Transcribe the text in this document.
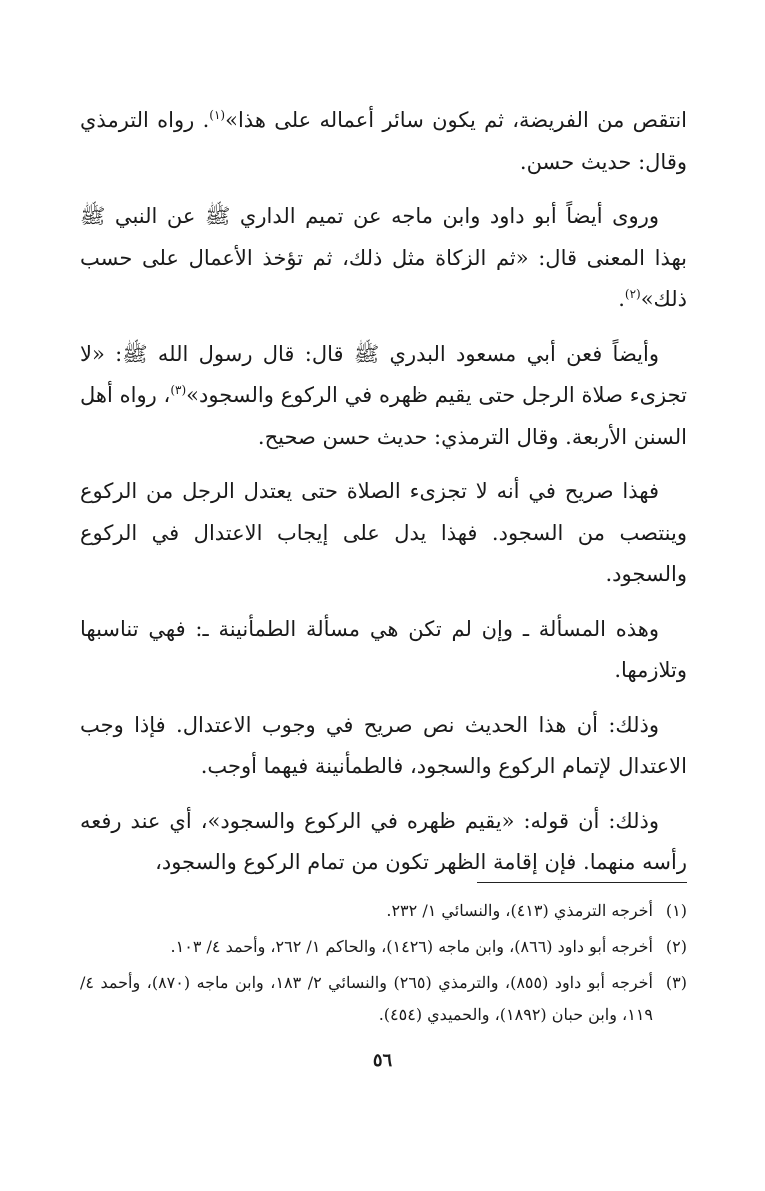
انتقص من الفريضة، ثم يكون سائر أعماله على هذا»$^{(١)}$. رواه الترمذي وقال: حديث حسن.

وروى أيضاً أبو داود وابن ماجه عن تميم الداري ﷺ عن النبي ﷺ بهذا المعنى قال: «ثم الزكاة مثل ذلك، ثم تؤخذ الأعمال على حسب ذلك»$^{(٢)}$.

وأيضاً فعن أبي مسعود البدري ﷺ قال: قال رسول الله ﷺ: «لا تجزىء صلاة الرجل حتى يقيم ظهره في الركوع والسجود»$^{(٣)}$، رواه أهل السنن الأربعة. وقال الترمذي: حديث حسن صحيح.

فهذا صريح في أنه لا تجزىء الصلاة حتى يعتدل الرجل من الركوع وينتصب من السجود. فهذا يدل على إيجاب الاعتدال في الركوع والسجود.

وهذه المسألة ـ وإن لم تكن هي مسألة الطمأنينة ـ: فهي تناسبها وتلازمها.

وذلك: أن هذا الحديث نص صريح في وجوب الاعتدال. فإذا وجب الاعتدال لإتمام الركوع والسجود، فالطمأنينة فيهما أوجب.

وذلك: أن قوله: «يقيم ظهره في الركوع والسجود»، أي عند رفعه رأسه منهما. فإن إقامة الظهر تكون من تمام الركوع والسجود،

(١)
أخرجه الترمذي (٤١٣)، والنسائي ١/ ٢٣٢.
(٢)
أخرجه أبو داود (٨٦٦)، وابن ماجه (١٤٢٦)، والحاكم ١/ ٢٦٢، وأحمد ٤/ ١٠٣.
(٣)
أخرجه أبو داود (٨٥٥)، والترمذي (٢٦٥) والنسائي ٢/ ١٨٣، وابن ماجه (٨٧٠)، وأحمد ٤/ ١١٩، وابن حبان (١٨٩٢)، والحميدي (٤٥٤).
٥٦
